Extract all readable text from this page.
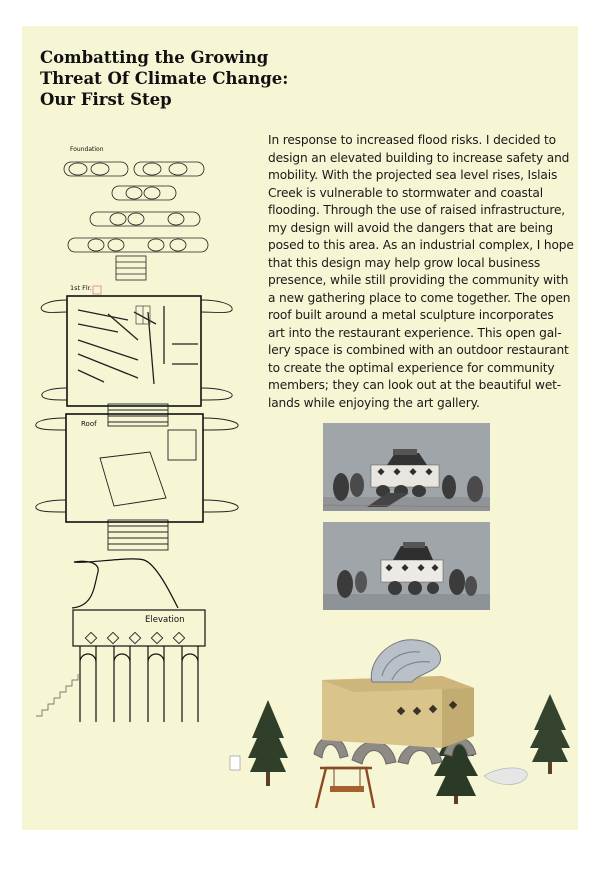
Combatting the Growing
Threat Of Climate Change:
Our First Step
In response to increased flood risks. I decided to
design an elevated building to increase safety and
mobility. With the projected sea level rises, Islais
Creek is vulnerable to stormwater and coastal
flooding. Through the use of raised infrastructure,
my design will avoid the dangers that are being
posed to this area. As an industrial complex, I hope
that this design may help grow local business
presence, while still providing the community with
a new gathering place to come together. The open
roof built around a metal sculpture incorporates
art into the restaurant experience. This open gal-
lery space is combined with an outdoor restaurant
to create the optimal experience for community
members; they can look out at the beautiful wet-
lands while enjoying the art gallery.
Foundation
1st Flr.
Roof
Elevation
